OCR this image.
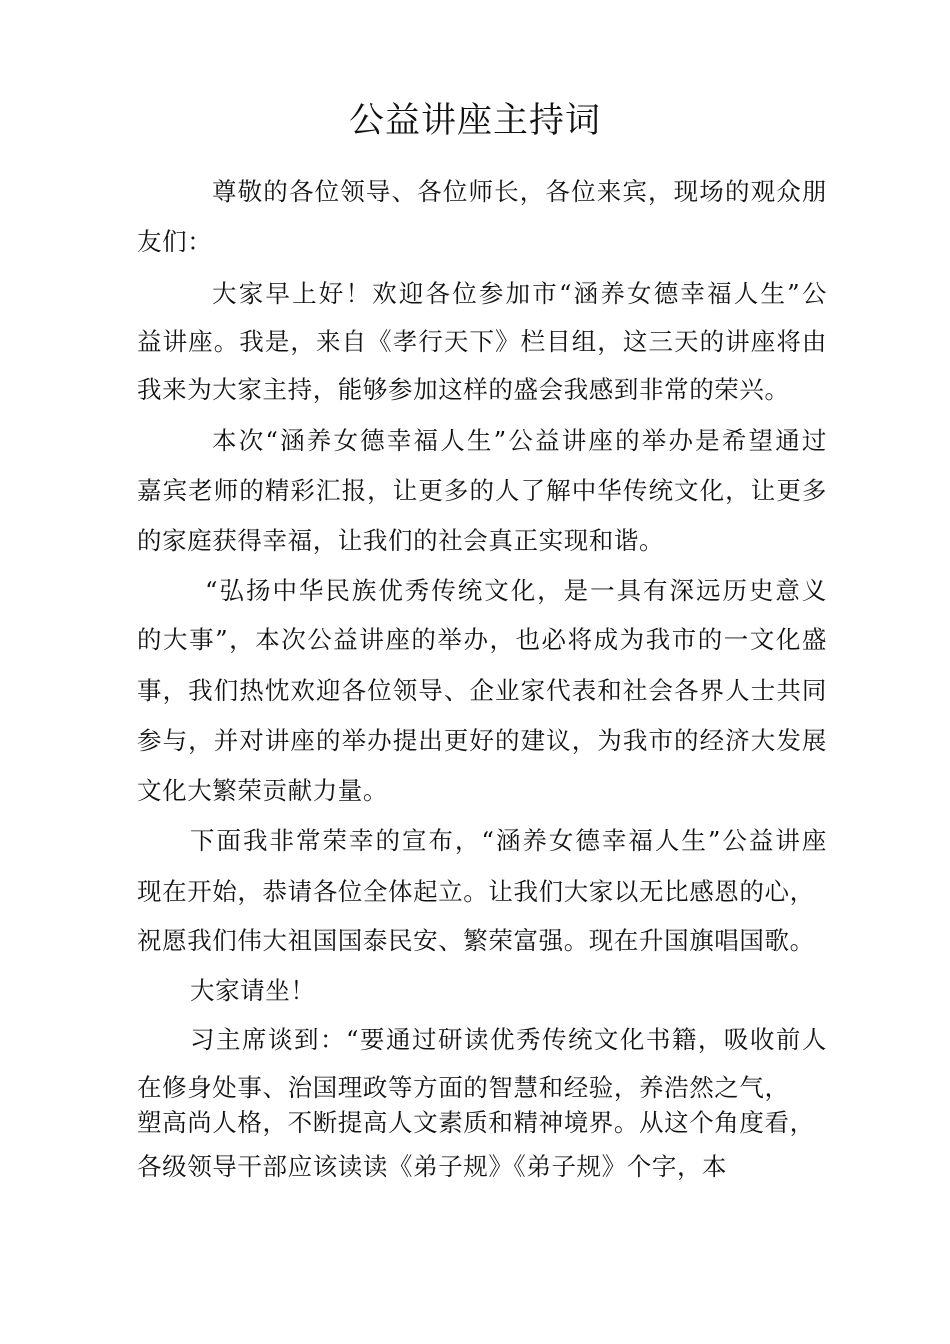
公益讲座主持词
尊敬的各位领导、各位师长，各位来宾，现场的观众朋
友们：
大家早上好！欢迎各位参加市“涵养女德幸福人生”公
益讲座。我是，来自《孝行天下》栏目组，这三天的讲座将由
我来为大家主持，能够参加这样的盛会我感到非常的荣兴。
本次“涵养女德幸福人生”公益讲座的举办是希望通过
嘉宾老师的精彩汇报，让更多的人了解中华传统文化，让更多
的家庭获得幸福，让我们的社会真正实现和谐。
“弘扬中华民族优秀传统文化，是一具有深远历史意义
的大事”，本次公益讲座的举办，也必将成为我市的一文化盛
事，我们热忱欢迎各位领导、企业家代表和社会各界人士共同
参与，并对讲座的举办提出更好的建议，为我市的经济大发展
文化大繁荣贡献力量。
下面我非常荣幸的宣布，“涵养女德幸福人生”公益讲座
现在开始，恭请各位全体起立。让我们大家以无比感恩的心，
祝愿我们伟大祖国国泰民安、繁荣富强。现在升国旗唱国歌。
大家请坐！
习主席谈到：“要通过研读优秀传统文化书籍，吸收前人
在修身处事、治国理政等方面的智慧和经验，养浩然之气，
塑高尚人格，不断提高人文素质和精神境界。从这个角度看，
各级领导干部应该读读《弟子规》《弟子规》个字，本
